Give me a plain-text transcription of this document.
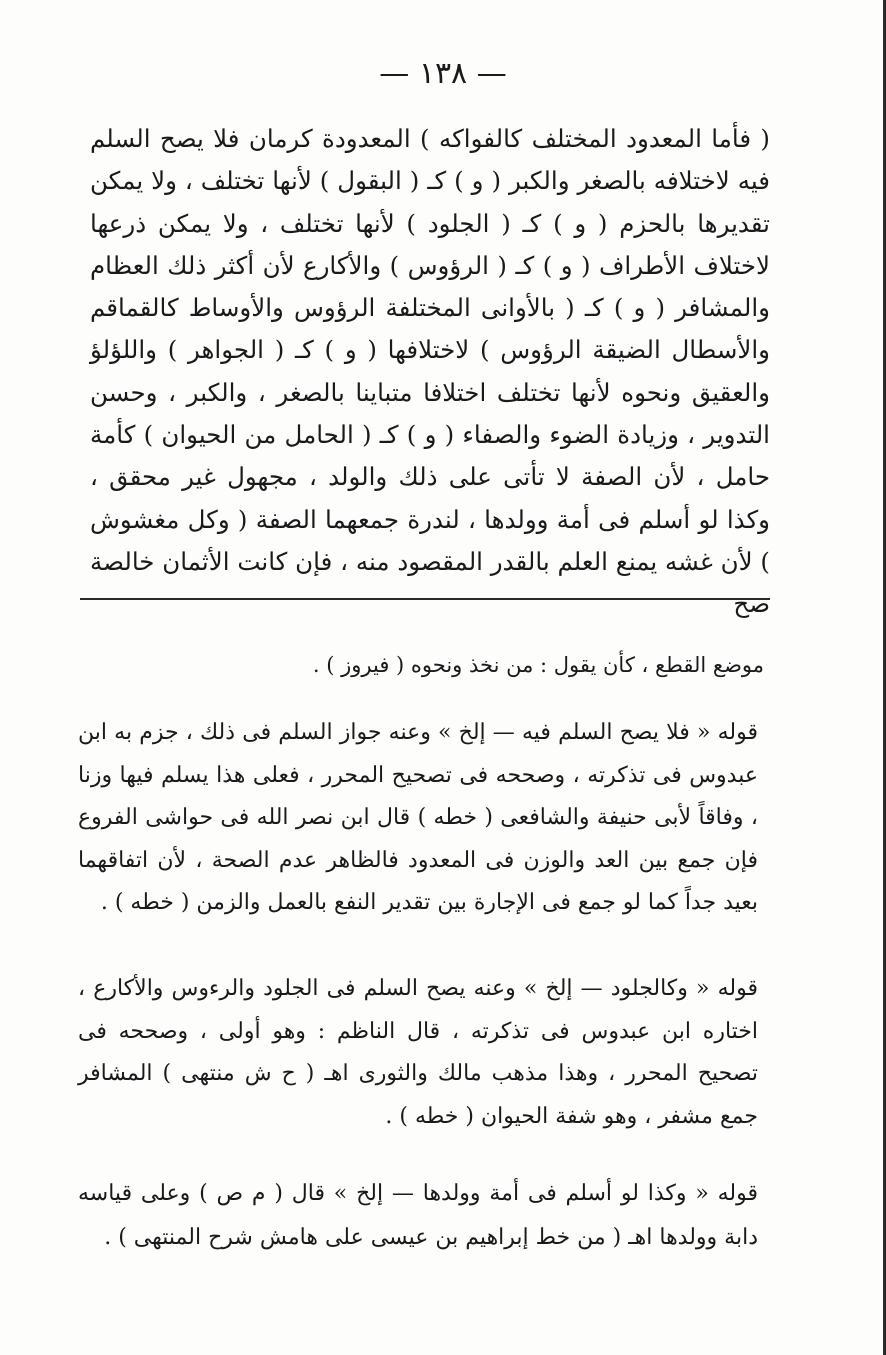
— ١٣٨ —

( فأما المعدود المختلف كالفواكه ) المعدودة كرمان فلا يصح السلم فيه لاختلافه بالصغر والكبر ( و ) كـ ( البقول ) لأنها تختلف ، ولا يمكن تقديرها بالحزم ( و ) كـ ( الجلود ) لأنها تختلف ، ولا يمكن ذرعها لاختلاف الأطراف ( و ) كـ ( الرؤوس ) والأكارع لأن أكثر ذلك العظام والمشافر ( و ) كـ ( بالأوانى المختلفة الرؤوس والأوساط كالقماقم والأسطال الضيقة الرؤوس ) لاختلافها ( و ) كـ ( الجواهر ) واللؤلؤ والعقيق ونحوه لأنها تختلف اختلافا متباينا بالصغر ، والكبر ، وحسن التدوير ، وزيادة الضوء والصفاء ( و ) كـ ( الحامل من الحيوان ) كأمة حامل ، لأن الصفة لا تأتى على ذلك والولد ، مجهول غير محقق ، وكذا لو أسلم فى أمة وولدها ، لندرة جمعهما الصفة ( وكل مغشوش ) لأن غشه يمنع العلم بالقدر المقصود منه ، فإن كانت الأثمان خالصة صح

موضع القطع ، كأن يقول : من نخذ ونحوه ( فيروز ) .

قوله « فلا يصح السلم فيه — إلخ » وعنه جواز السلم فى ذلك ، جزم به ابن عبدوس فى تذكرته ، وصححه فى تصحيح المحرر ، فعلى هذا يسلم فيها وزنا ، وفاقاً لأبى حنيفة والشافعى ( خطه ) قال ابن نصر الله فى حواشى الفروع فإن جمع بين العد والوزن فى المعدود فالظاهر عدم الصحة ، لأن اتفاقهما بعيد جداً كما لو جمع فى الإجارة بين تقدير النفع بالعمل والزمن ( خطه ) .

قوله « وكالجلود — إلخ » وعنه يصح السلم فى الجلود والرءوس والأكارع ، اختاره ابن عبدوس فى تذكرته ، قال الناظم : وهو أولى ، وصححه فى تصحيح المحرر ، وهذا مذهب مالك والثورى اهـ ( ح ش منتهى ) المشافر جمع مشفر ، وهو شفة الحيوان ( خطه ) .

قوله « وكذا لو أسلم فى أمة وولدها — إلخ » قال ( م ص ) وعلى قياسه دابة وولدها اهـ ( من خط إبراهيم بن عيسى على هامش شرح المنتهى ) .
